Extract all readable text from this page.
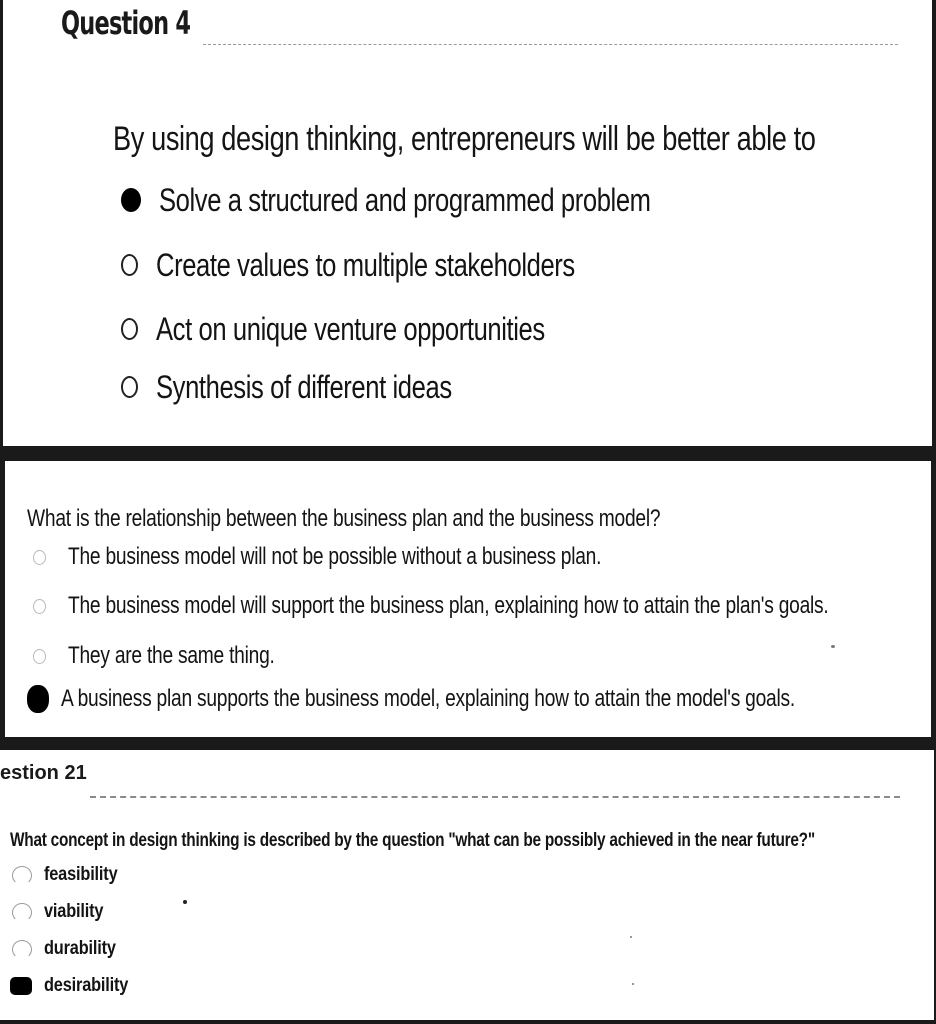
Question 4
By using design thinking, entrepreneurs will be better able to
Solve a structured and programmed problem
Create values to multiple stakeholders
Act on unique venture opportunities
Synthesis of different ideas
What is the relationship between the business plan and the business model?
The business model will not be possible without a business plan.
The business model will support the business plan, explaining how to attain the plan's goals.
They are the same thing.
A business plan supports the business model, explaining how to attain the model's goals.
estion 21
What concept in design thinking is described by the question "what can be possibly achieved in the near future?"
feasibility
viability
durability
desirability
